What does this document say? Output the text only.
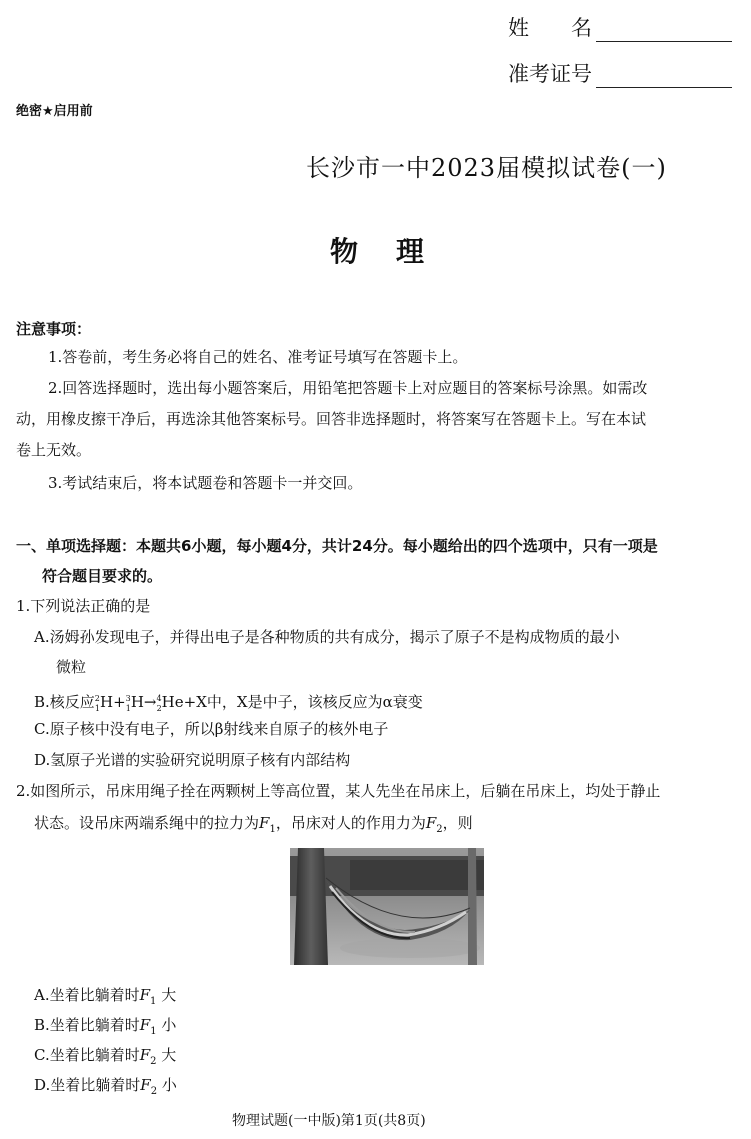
姓　　名
准考证号
绝密★启用前
长沙市一中2023届模拟试卷(一)
物理
注意事项：
1.答卷前，考生务必将自己的姓名、准考证号填写在答题卡上。
2.回答选择题时，选出每小题答案后，用铅笔把答题卡上对应题目的答案标号涂黑。如需改
动，用橡皮擦干净后，再选涂其他答案标号。回答非选择题时，将答案写在答题卡上。写在本试
卷上无效。
3.考试结束后，将本试题卷和答题卡一并交回。
一、单项选择题：本题共6小题，每小题4分，共计24分。每小题给出的四个选项中，只有一项是
符合题目要求的。
1.下列说法正确的是
A.汤姆孙发现电子，并得出电子是各种物质的共有成分，揭示了原子不是构成物质的最小
微粒
B.核反应$^2_1$H+$^3_1$H→$^4_2$He+X中，X是中子，该核反应为α衰变
C.原子核中没有电子，所以β射线来自原子的核外电子
D.氢原子光谱的实验研究说明原子核有内部结构
2.如图所示，吊床用绳子拴在两颗树上等高位置，某人先坐在吊床上，后躺在吊床上，均处于静止
状态。设吊床两端系绳中的拉力为$F_1$，吊床对人的作用力为$F_2$，则
A.坐着比躺着时$F_1$ 大
B.坐着比躺着时$F_1$ 小
C.坐着比躺着时$F_2$ 大
D.坐着比躺着时$F_2$ 小
物理试题(一中版)第1页(共8页)
